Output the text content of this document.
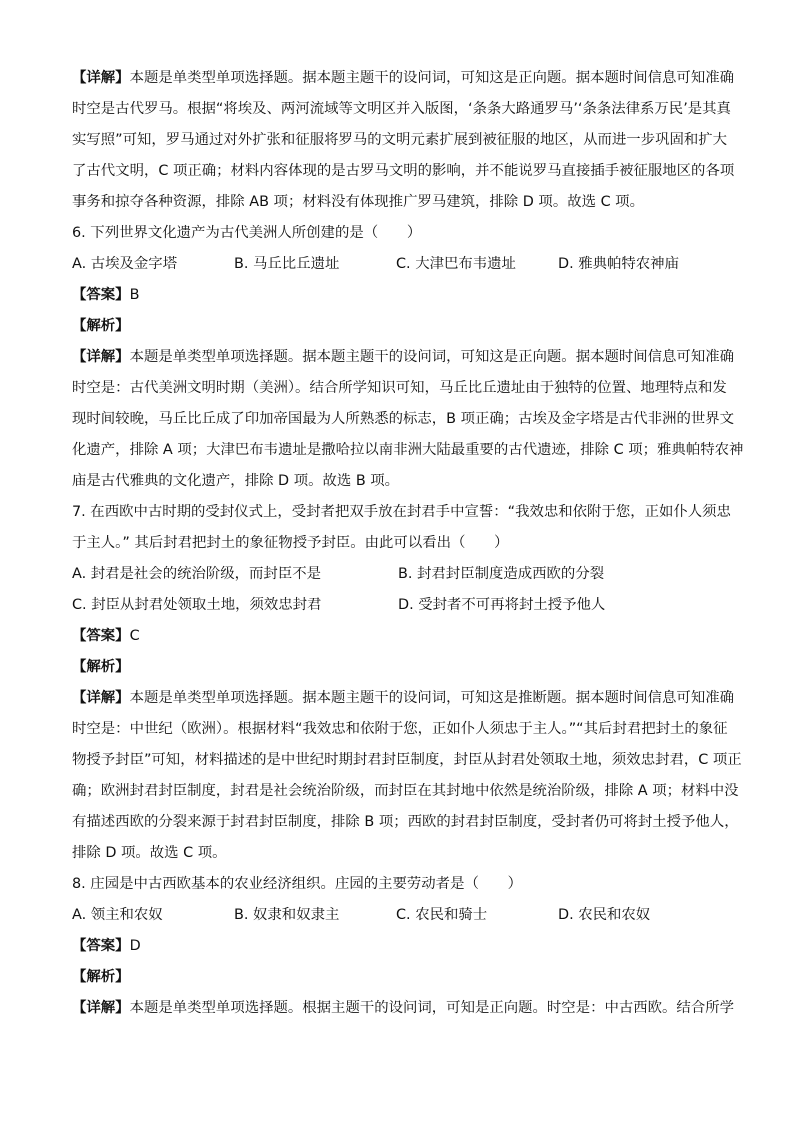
【详解】本题是单类型单项选择题。据本题主题干的设问词，可知这是正向题。据本题时间信息可知准确
时空是古代罗马。根据“将埃及、两河流域等文明区并入版图，‘条条大路通罗马’‘条条法律系万民’是其真
实写照”可知，罗马通过对外扩张和征服将罗马的文明元素扩展到被征服的地区，从而进一步巩固和扩大
了古代文明，C 项正确；材料内容体现的是古罗马文明的影响，并不能说罗马直接插手被征服地区的各项
事务和掠夺各种资源，排除 AB 项；材料没有体现推广罗马建筑，排除 D 项。故选 C 项。
6. 下列世界文化遗产为古代美洲人所创建的是（　　）
A. 古埃及金字塔	B. 马丘比丘遗址	C. 大津巴布韦遗址	D. 雅典帕特农神庙
【答案】B
【解析】
【详解】本题是单类型单项选择题。据本题主题干的设问词，可知这是正向题。据本题时间信息可知准确
时空是：古代美洲文明时期（美洲）。结合所学知识可知，马丘比丘遗址由于独特的位置、地理特点和发
现时间较晚，马丘比丘成了印加帝国最为人所熟悉的标志，B 项正确；古埃及金字塔是古代非洲的世界文
化遗产，排除 A 项；大津巴布韦遗址是撒哈拉以南非洲大陆最重要的古代遗迹，排除 C 项；雅典帕特农神
庙是古代雅典的文化遗产，排除 D 项。故选 B 项。
7. 在西欧中古时期的受封仪式上，受封者把双手放在封君手中宣誓：“我效忠和依附于您，正如仆人须忠
于主人。” 其后封君把封土的象征物授予封臣。由此可以看出（　　）
A. 封君是社会的统治阶级，而封臣不是	B. 封君封臣制度造成西欧的分裂
C. 封臣从封君处领取土地，须效忠封君	D. 受封者不可再将封土授予他人
【答案】C
【解析】
【详解】本题是单类型单项选择题。据本题主题干的设问词，可知这是推断题。据本题时间信息可知准确
时空是：中世纪（欧洲）。根据材料“我效忠和依附于您，正如仆人须忠于主人。”“其后封君把封土的象征
物授予封臣”可知，材料描述的是中世纪时期封君封臣制度，封臣从封君处领取土地，须效忠封君，C 项正
确；欧洲封君封臣制度，封君是社会统治阶级，而封臣在其封地中依然是统治阶级，排除 A 项；材料中没
有描述西欧的分裂来源于封君封臣制度，排除 B 项；西欧的封君封臣制度，受封者仍可将封土授予他人，
排除 D 项。故选 C 项。
8. 庄园是中古西欧基本的农业经济组织。庄园的主要劳动者是（　　）
A. 领主和农奴	B. 奴隶和奴隶主	C. 农民和骑士	D. 农民和农奴
【答案】D
【解析】
【详解】本题是单类型单项选择题。根据主题干的设问词，可知是正向题。时空是：中古西欧。结合所学
